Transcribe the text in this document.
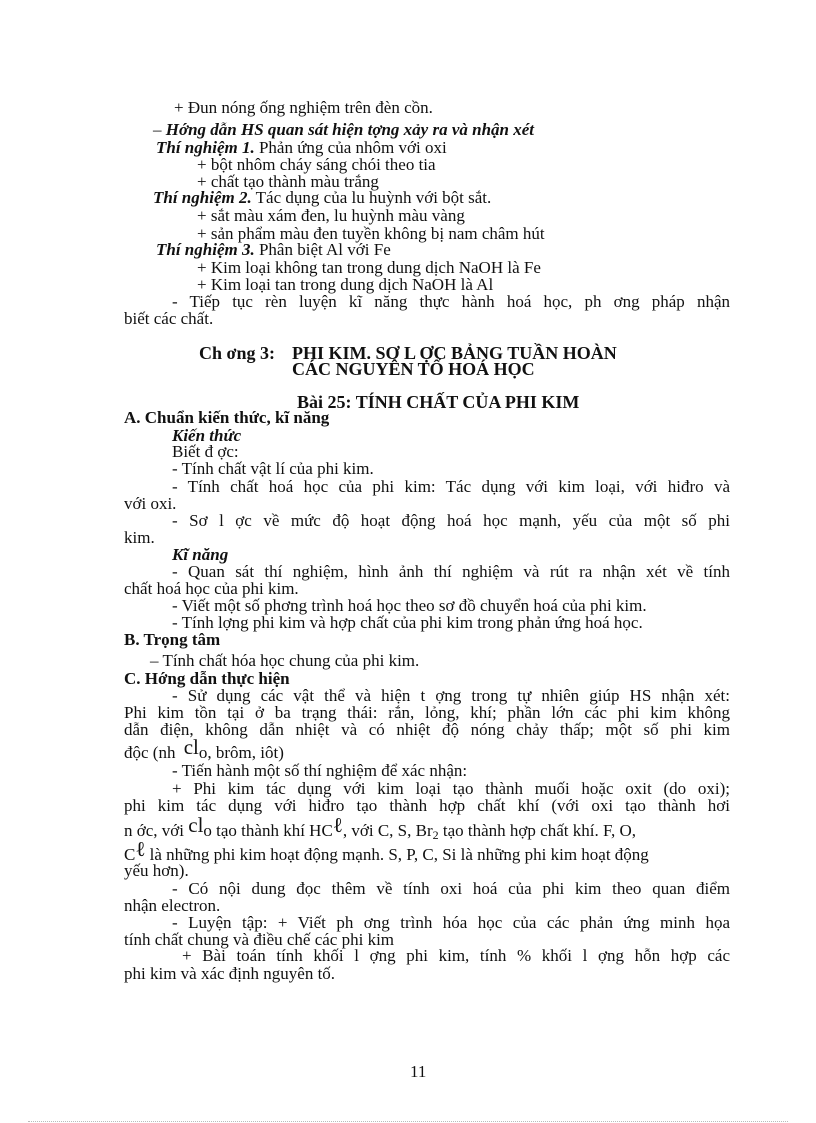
+ Đun nóng ống nghiệm trên đèn cồn.
– Hớng dẫn HS quan sát hiện tợng xảy ra và nhận xét
Thí nghiệm 1. Phản ứng của nhôm với oxi
+ bột nhôm cháy sáng chói theo tia
+ chất tạo thành màu trắng
Thí nghiệm 2. Tác dụng của lu huỳnh với bột sắt.
+ sắt màu xám đen, lu huỳnh màu vàng
+ sản phẩm màu đen tuyền không bị nam châm hút
Thí nghiệm 3. Phân biệt Al với Fe
+ Kim loại không tan trong dung dịch NaOH là Fe
+ Kim loại tan trong dung dịch NaOH là Al
- Tiếp tục rèn luyện kĩ năng thực hành hoá học, ph ơng pháp nhận
biết các chất.
Ch ơng 3: PHI KIM. SƠ L ỢC BẢNG TUẦN HOÀN
CÁC NGUYÊN TỐ HOÁ HỌC
Bài 25: TÍNH CHẤT CỦA PHI KIM
A. Chuẩn kiến thức, kĩ năng
Kiến thức
Biết đ ợc:
- Tính chất vật lí của phi kim.
- Tính chất hoá học của phi kim: Tác dụng với kim loại, với hiđro và
với oxi.
- Sơ l ợc về mức độ hoạt động hoá học mạnh, yếu của một số phi
kim.
Kĩ năng
- Quan sát thí nghiệm, hình ảnh thí nghiệm và rút ra nhận xét về tính
chất hoá học của phi kim.
- Viết một số phơng trình hoá học theo sơ đồ chuyển hoá của phi kim.
- Tính lợng phi kim và hợp chất của phi kim trong phản ứng hoá học.
B. Trọng tâm
– Tính chất hóa học chung của phi kim.
C. Hớng dẫn thực hiện
- Sử dụng các vật thể và hiện t ợng trong tự nhiên giúp HS nhận xét:
Phi kim tồn tại ở ba trạng thái: rắn, lỏng, khí; phần lớn các phi kim không
dẫn điện, không dẫn nhiệt và có nhiệt độ nóng chảy thấp; một số phi kim
độc (nh clo, brôm, iôt)
- Tiến hành một số thí nghiệm để xác nhận:
+ Phi kim tác dụng với kim loại tạo thành muối hoặc oxit (do oxi);
phi kim tác dụng với hiđro tạo thành hợp chất khí (với oxi tạo thành hơi
n ớc, với clo tạo thành khí HCℓ, với C, S, Br2 tạo thành hợp chất khí. F, O,
Cℓ là những phi kim hoạt động mạnh. S, P, C, Si là những phi kim hoạt động
yếu hơn).
- Có nội dung đọc thêm về tính oxi hoá của phi kim theo quan điểm
nhận electron.
- Luyện tập: + Viết ph ơng trình hóa học của các phản ứng minh họa
tính chất chung và điều chế các phi kim
+ Bài toán tính khối l ợng phi kim, tính % khối l ợng hỗn hợp các
phi kim và xác định nguyên tố.
11
